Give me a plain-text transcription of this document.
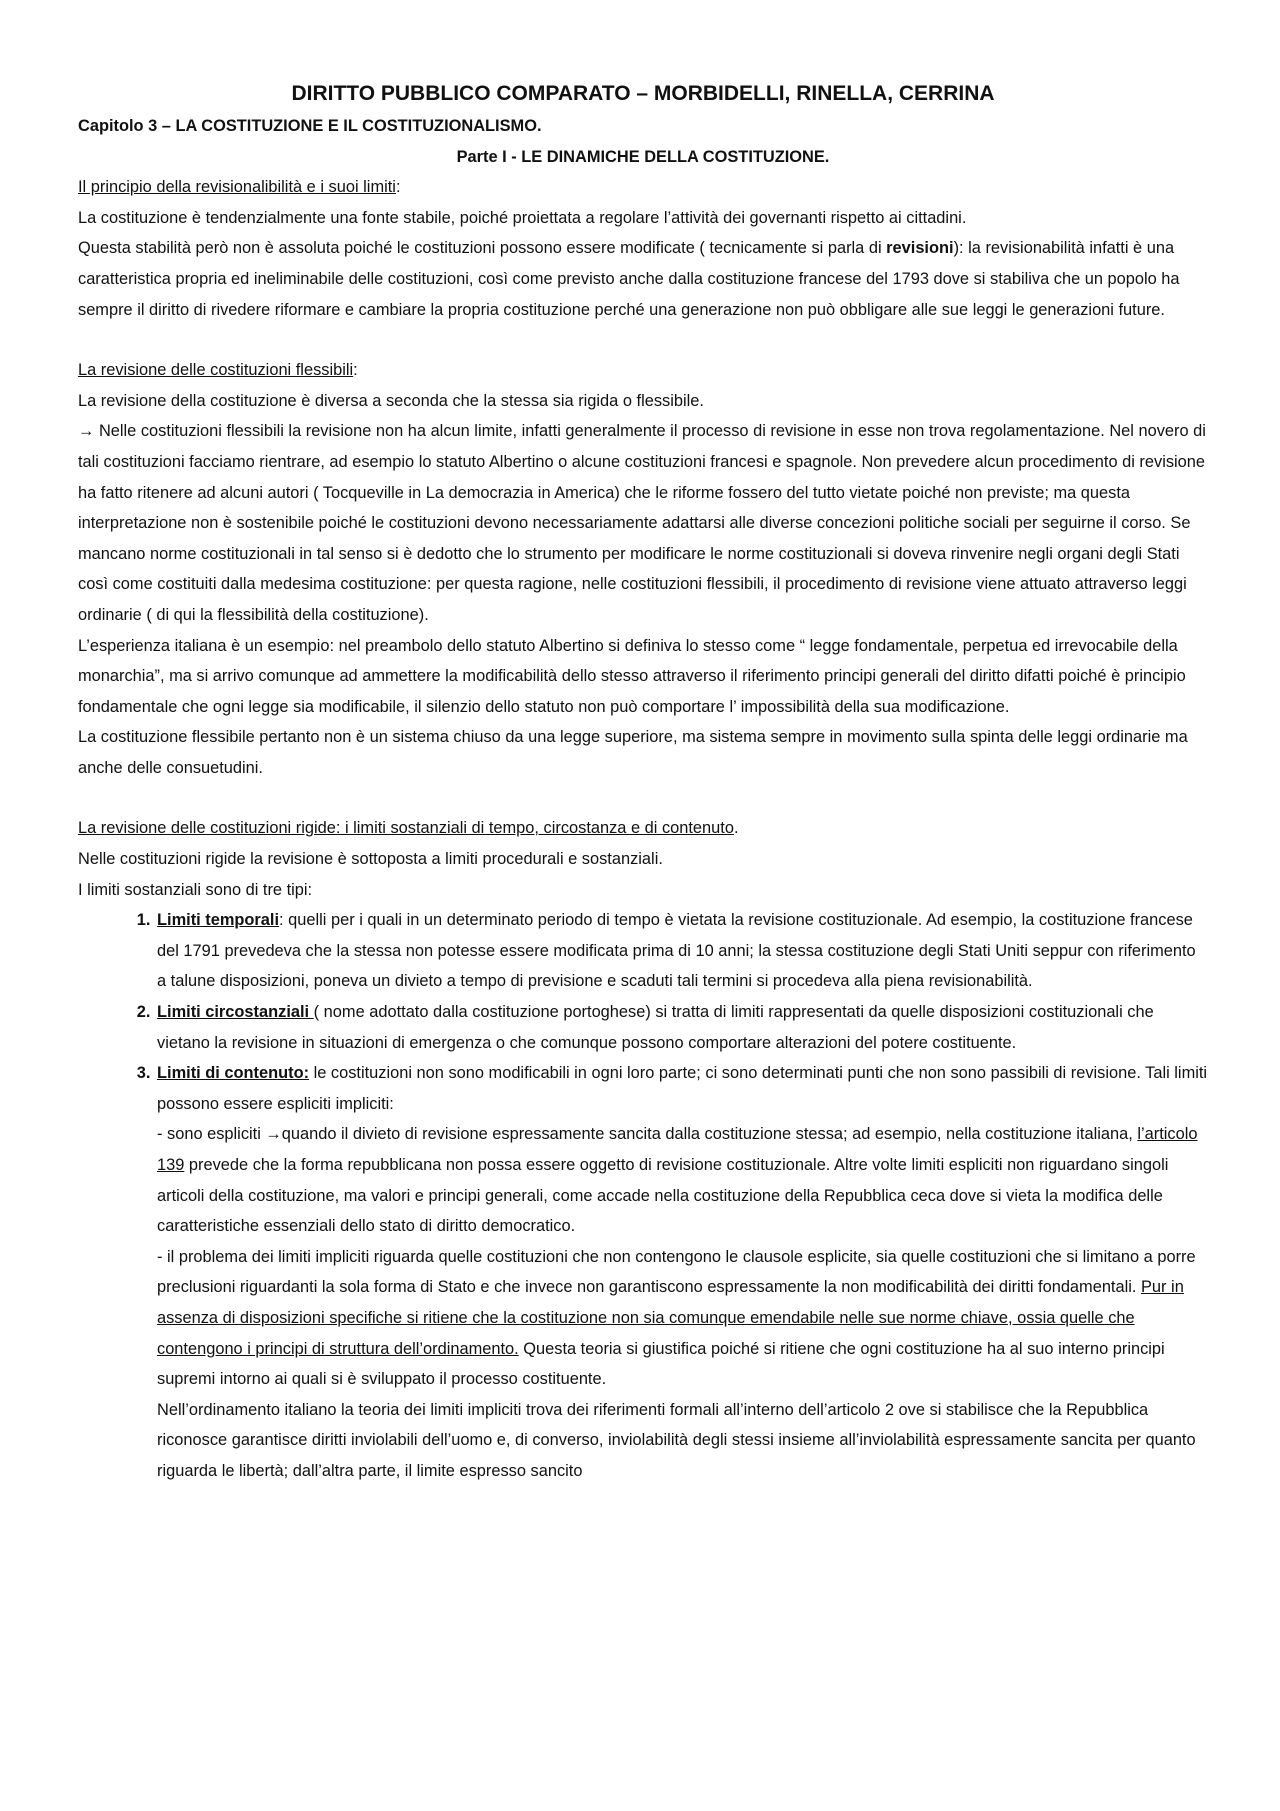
DIRITTO PUBBLICO COMPARATO – MORBIDELLI, RINELLA, CERRINA
Capitolo 3 – LA COSTITUZIONE E IL COSTITUZIONALISMO.
Parte I - LE DINAMICHE DELLA COSTITUZIONE.
Il principio della revisionalibilità e i suoi limiti:

La costituzione è tendenzialmente una fonte stabile, poiché proiettata a regolare l’attività dei governanti rispetto ai cittadini.

Questa stabilità però non è assoluta poiché le costituzioni possono essere modificate ( tecnicamente si parla di revisioni): la revisionabilità infatti è una caratteristica propria ed ineliminabile delle costituzioni, così come previsto anche dalla costituzione francese del 1793 dove si stabiliva che un popolo ha sempre il diritto di rivedere riformare e cambiare la propria costituzione perché una generazione non può obbligare alle sue leggi le generazioni future.

La revisione delle costituzioni flessibili:

La revisione della costituzione è diversa a seconda che la stessa sia rigida o flessibile.

→ Nelle costituzioni flessibili la revisione non ha alcun limite, infatti generalmente il processo di revisione in esse non trova regolamentazione. Nel novero di tali costituzioni facciamo rientrare, ad esempio lo statuto Albertino o alcune costituzioni francesi e spagnole. Non prevedere alcun procedimento di revisione ha fatto ritenere ad alcuni autori ( Tocqueville in La democrazia in America) che le riforme fossero del tutto vietate poiché non previste; ma questa interpretazione non è sostenibile poiché le costituzioni devono necessariamente adattarsi alle diverse concezioni politiche sociali per seguirne il corso. Se mancano norme costituzionali in tal senso si è dedotto che lo strumento per modificare le norme costituzionali si doveva rinvenire negli organi degli Stati così come costituiti dalla medesima costituzione: per questa ragione, nelle costituzioni flessibili, il procedimento di revisione viene attuato attraverso leggi ordinarie ( di qui la flessibilità della costituzione).

L’esperienza italiana è un esempio: nel preambolo dello statuto Albertino si definiva lo stesso come “ legge fondamentale, perpetua ed irrevocabile della monarchia”, ma si arrivo comunque ad ammettere la modificabilità dello stesso attraverso il riferimento principi generali del diritto difatti poiché è principio fondamentale che ogni legge sia modificabile, il silenzio dello statuto non può comportare l’ impossibilità della sua modificazione.

La costituzione flessibile pertanto non è un sistema chiuso da una legge superiore, ma sistema sempre in movimento sulla spinta delle leggi ordinarie ma anche delle consuetudini.

La revisione delle costituzioni rigide: i limiti sostanziali di tempo, circostanza e di contenuto.

Nelle costituzioni rigide la revisione è sottoposta a limiti procedurali e sostanziali.

I limiti sostanziali sono di tre tipi:

1. Limiti temporali: quelli per i quali in un determinato periodo di tempo è vietata la revisione costituzionale. Ad esempio, la costituzione francese del 1791 prevedeva che la stessa non potesse essere modificata prima di 10 anni; la stessa costituzione degli Stati Uniti seppur con riferimento a talune disposizioni, poneva un divieto a tempo di previsione e scaduti tali termini si procedeva alla piena revisionabilità.
2. Limiti circostanziali ( nome adottato dalla costituzione portoghese) si tratta di limiti rappresentati da quelle disposizioni costituzionali che vietano la revisione in situazioni di emergenza o che comunque possono comportare alterazioni del potere costituente.
3. Limiti di contenuto: le costituzioni non sono modificabili in ogni loro parte; ci sono determinati punti che non sono passibili di revisione. Tali limiti possono essere espliciti impliciti:
- sono espliciti →quando il divieto di revisione espressamente sancita dalla costituzione stessa; ad esempio, nella costituzione italiana, l’articolo 139 prevede che la forma repubblicana non possa essere oggetto di revisione costituzionale. Altre volte limiti espliciti non riguardano singoli articoli della costituzione, ma valori e principi generali, come accade nella costituzione della Repubblica ceca dove si vieta la modifica delle caratteristiche essenziali dello stato di diritto democratico.
- il problema dei limiti impliciti riguarda quelle costituzioni che non contengono le clausole esplicite, sia quelle costituzioni che si limitano a porre preclusioni riguardanti la sola forma di Stato e che invece non garantiscono espressamente la non modificabilità dei diritti fondamentali. Pur in assenza di disposizioni specifiche si ritiene che la costituzione non sia comunque emendabile nelle sue norme chiave, ossia quelle che contengono i principi di struttura dell’ordinamento. Questa teoria si giustifica poiché si ritiene che ogni costituzione ha al suo interno principi supremi intorno ai quali si è sviluppato il processo costituente.
Nell’ordinamento italiano la teoria dei limiti impliciti trova dei riferimenti formali all’interno dell’articolo 2 ove si stabilisce che la Repubblica riconosce garantisce diritti inviolabili dell’uomo e, di converso, inviolabilità degli stessi insieme all’inviolabilità espressamente sancita per quanto riguarda le libertà; dall’altra parte, il limite espresso sancito
